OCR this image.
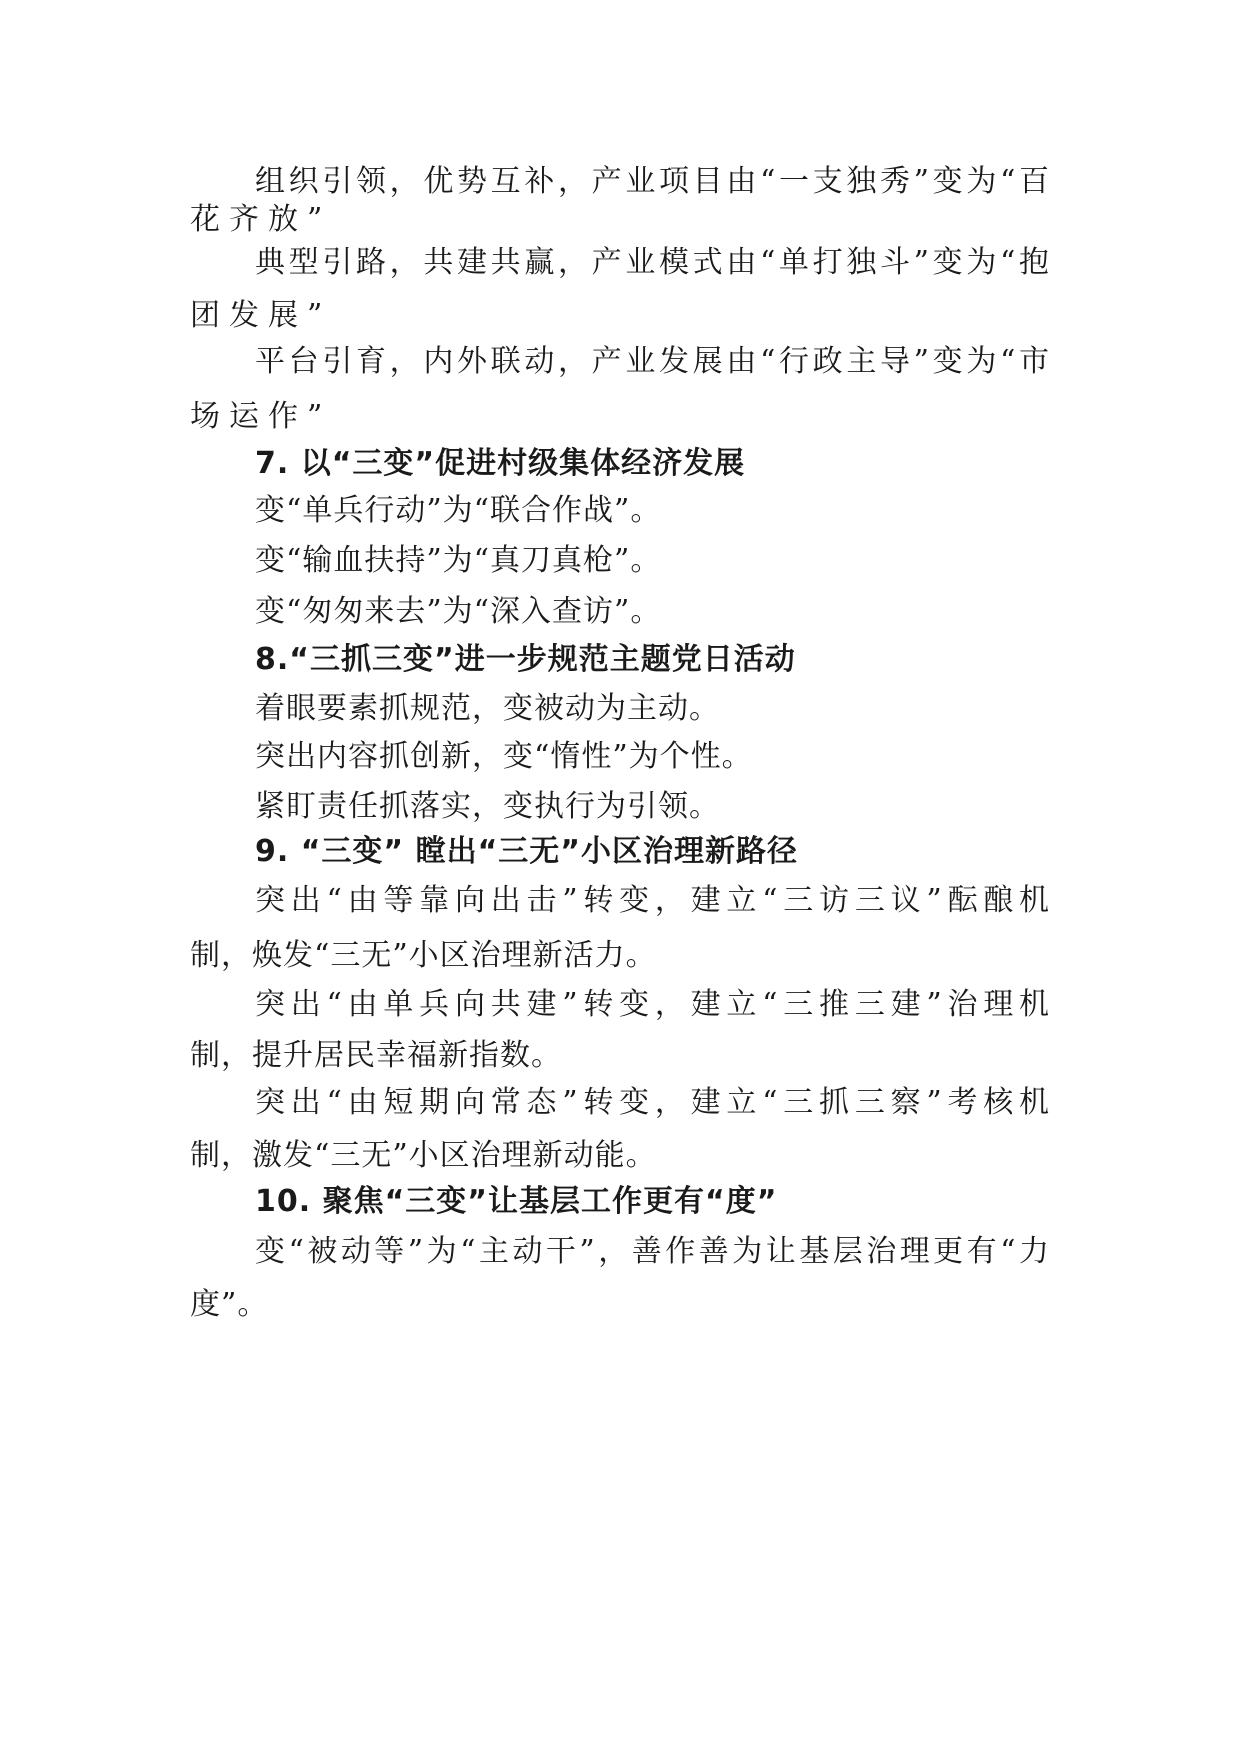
组织引领，优势互补，产业项目由“一支独秀”变为“百
花齐放”
典型引路，共建共赢，产业模式由“单打独斗”变为“抱
团发展”
平台引育，内外联动，产业发展由“行政主导”变为“市
场运作”
7. 以“三变”促进村级集体经济发展
变“单兵行动”为“联合作战”。
变“输血扶持”为“真刀真枪”。
变“匆匆来去”为“深入查访”。
8.“三抓三变”进一步规范主题党日活动
着眼要素抓规范，变被动为主动。
突出内容抓创新，变“惰性”为个性。
紧盯责任抓落实，变执行为引领。
9. “三变” 瞠出“三无”小区治理新路径
突出“由等靠向出击”转变，建立“三访三议”酝酿机
制，焕发“三无”小区治理新活力。
突出“由单兵向共建”转变，建立“三推三建”治理机
制，提升居民幸福新指数。
突出“由短期向常态”转变，建立“三抓三察”考核机
制，激发“三无”小区治理新动能。
10. 聚焦“三变”让基层工作更有“度”
变“被动等”为“主动干”，善作善为让基层治理更有“力
度”。
